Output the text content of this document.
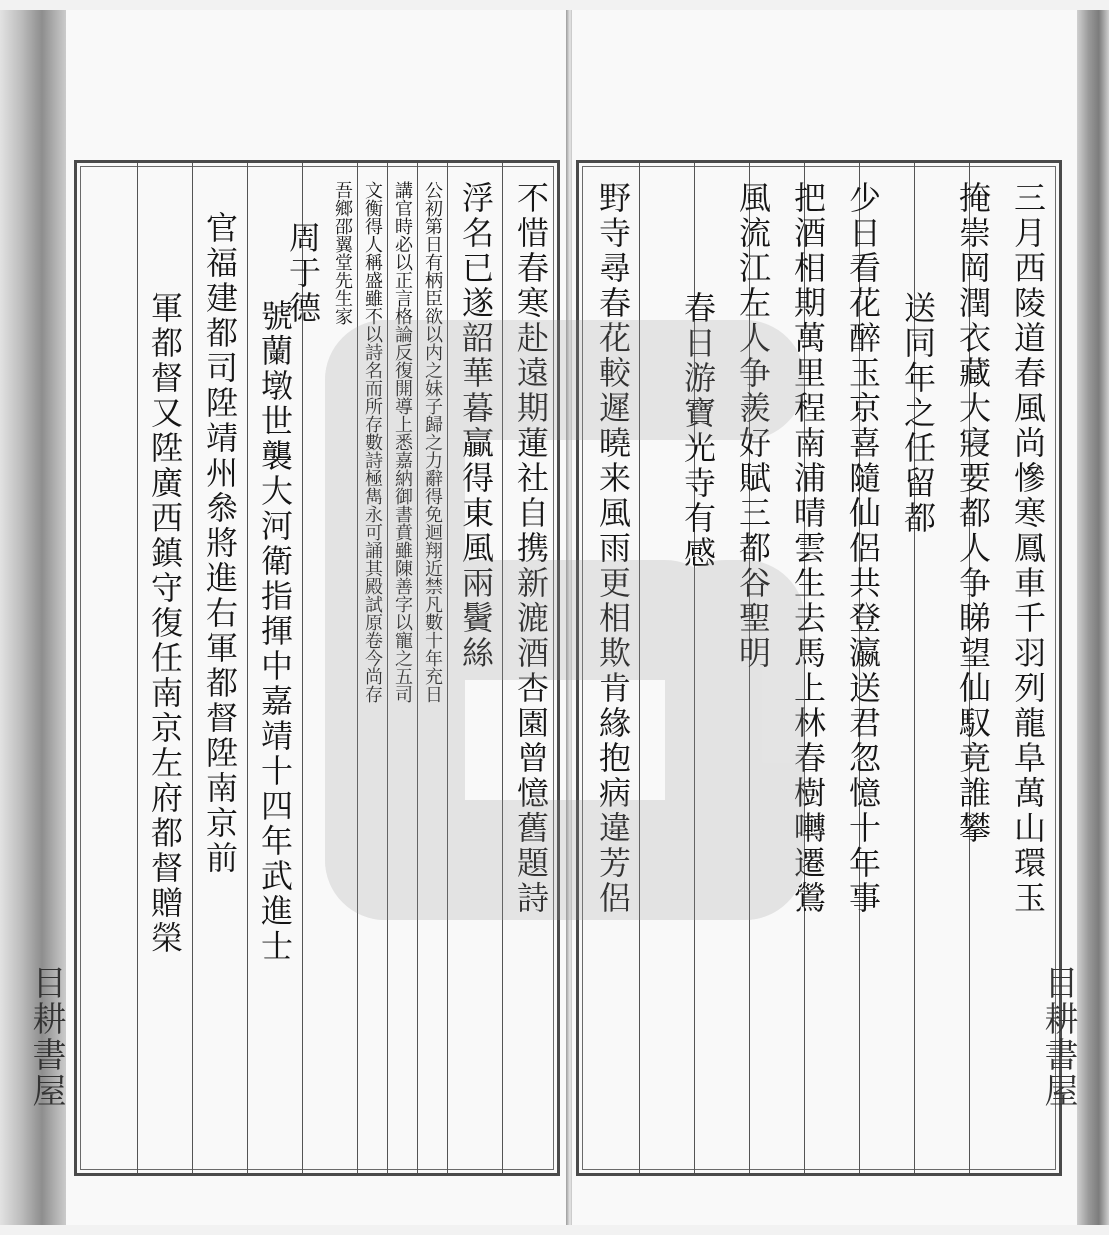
不惜春寒赴遠期蓮社自携新漉酒杏園曾憶舊題詩
浮名已遂韶華暮贏得東風兩鬢絲
公初第日有柄臣欲以内之妹子歸之力辭得免迴翔近禁凡數十年充日
講官時必以正言格論反復開導上悉嘉納御書賁雖陳善字以寵之五司
文衡得人稱盛雖不以詩名而所存數詩極雋永可誦其殿試原卷今尚存
吾鄉邵翼堂先生家
周于德
號蘭墩世襲大河衛指揮中嘉靖十四年武進士
官福建都司陞靖州叅將進右軍都督陞南京前
軍都督又陞廣西鎮守復任南京左府都督贈榮
目耕書屋
三月西陵道春風尚慘寒鳳車千羽列龍阜萬山環玉
掩崇岡潤衣藏大寢要都人争睇望仙馭竟誰攀
送同年之任留都
少日看花醉玉京喜隨仙侶共登瀛送君忽憶十年事
把酒相期萬里程南浦晴雲生去馬上林春樹囀遷鶯
風流江左人争羨好賦三都谷聖明
春日游寶光寺有感
野寺尋春花較遲曉来風雨更相欺肯緣抱病違芳侶
目耕書屋
